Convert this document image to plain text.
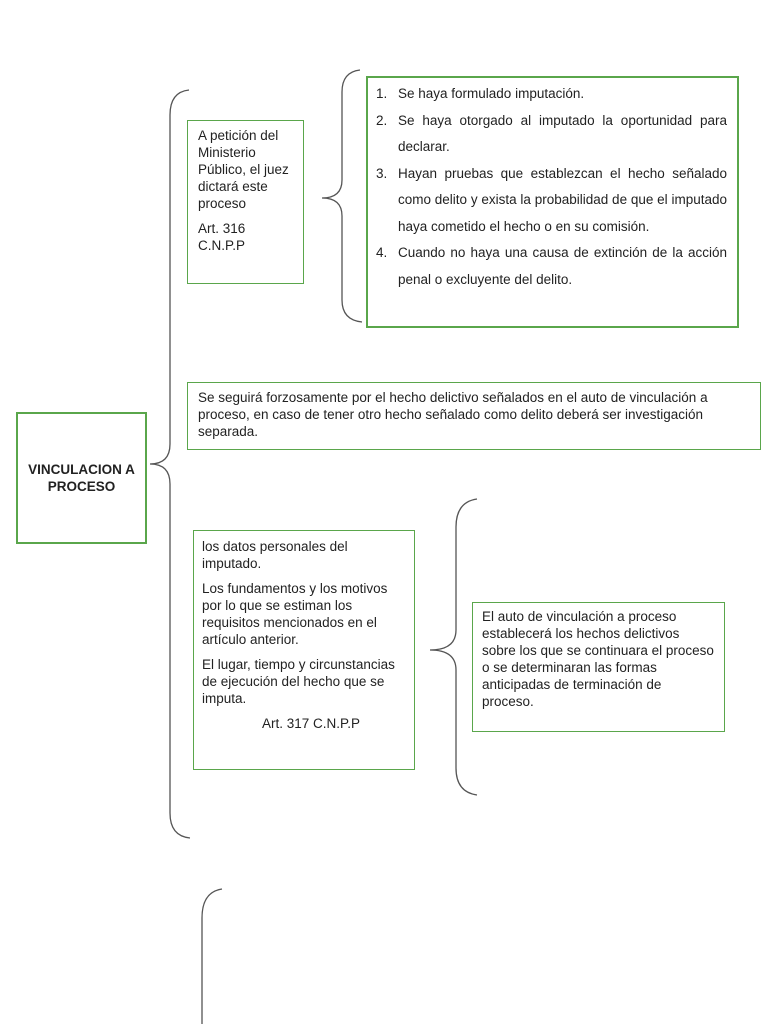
VINCULACION A PROCESO

A petición del Ministerio Público, el juez dictará este proceso

Art. 316 C.N.P.P

1. Se haya formulado imputación.
2. Se haya otorgado al imputado la oportunidad para declarar.
3. Hayan pruebas que establezcan el hecho señalado como delito y exista la probabilidad de que el imputado haya cometido el hecho o en su comisión.
4. Cuando no haya una causa de extinción de la acción penal o excluyente del delito.

Se seguirá forzosamente por el hecho delictivo señalados en el auto de vinculación a proceso, en caso de tener otro hecho señalado como delito deberá ser investigación separada.

los datos personales del imputado.

Los fundamentos y los motivos por lo que se estiman los requisitos mencionados en el artículo anterior.

El lugar, tiempo y circunstancias de ejecución del hecho que se imputa.

Art. 317 C.N.P.P

El auto de vinculación a proceso establecerá los hechos delictivos sobre los que se continuara el proceso o se determinaran las formas anticipadas de terminación de proceso.
